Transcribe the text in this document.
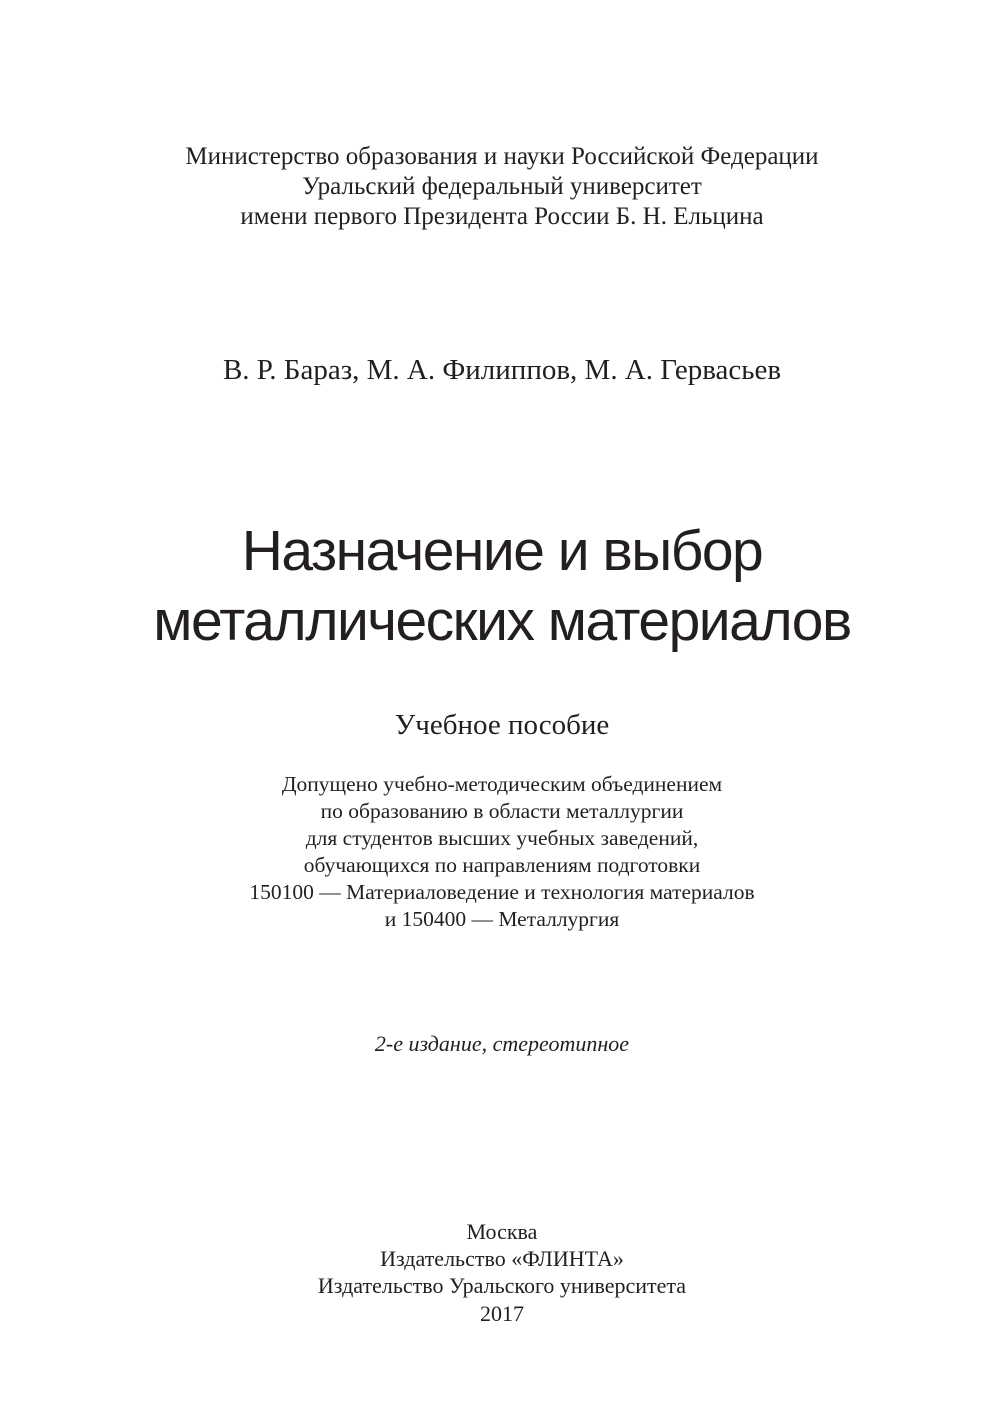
Министерство образования и науки Российской Федерации

Уральский федеральный университет

имени первого Президента России Б. Н. Ельцина

В. Р. Бараз, М. А. Филиппов, М. А. Гервасьев

Назначение и выбор

металлических материалов

Учебное пособие

Допущено учебно-методическим объединением

по образованию в области металлургии

для студентов высших учебных заведений,

обучающихся по направлениям подготовки

150100 — Материаловедение и технология материалов

и 150400 — Металлургия

2-е издание, стереотипное

Москва

Издательство «ФЛИНТА»

Издательство Уральского университета

2017
